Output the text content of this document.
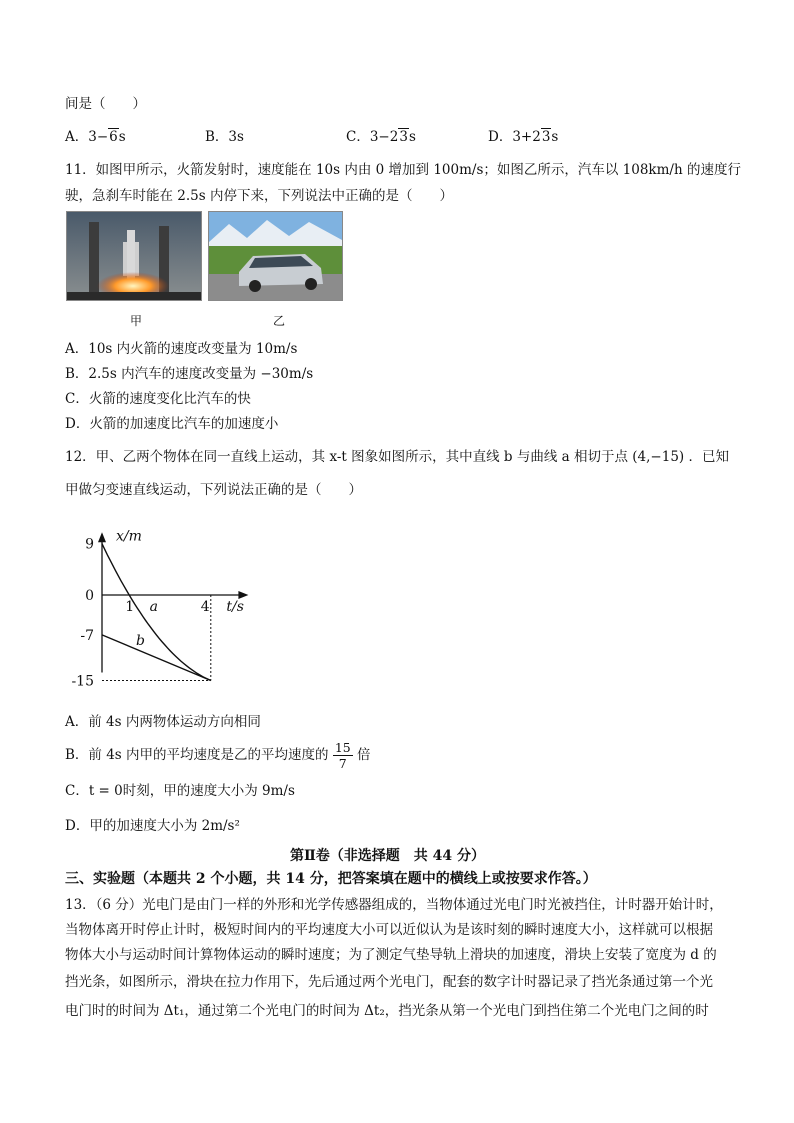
间是（　　）
A．3−6s	B．3s	C．3−23s	D．3+23s
11．如图甲所示，火箭发射时，速度能在 10s 内由 0 增加到 100m/s；如图乙所示，汽车以 108km/h 的速度行
驶，急刹车时能在 2.5s 内停下来，下列说法中正确的是（　　）
甲	乙
A．10s 内火箭的速度改变量为 10m/s
B．2.5s 内汽车的速度改变量为 −30m/s
C．火箭的速度变化比汽车的快
D．火箭的加速度比汽车的加速度小
12．甲、乙两个物体在同一直线上运动，其 x-t 图象如图所示，其中直线 b 与曲线 a 相切于点 (4,−15) ．已知
甲做匀变速直线运动，下列说法正确的是（　　）
a
b
x/m
t/s
9
0
-7
-15
1	4
A．前 4s 内两物体运动方向相同
B．前 4s 内甲的平均速度是乙的平均速度的 $\frac{15}{7}$ 倍
C．t = 0时刻，甲的速度大小为 9m/s
D．甲的加速度大小为 2m/s²
第Ⅱ卷（非选择题　共 44 分）
三、实验题（本题共 2 个小题，共 14 分，把答案填在题中的横线上或按要求作答。）
13．（6 分）光电门是由门一样的外形和光学传感器组成的，当物体通过光电门时光被挡住，计时器开始计时，
当物体离开时停止计时，极短时间内的平均速度大小可以近似认为是该时刻的瞬时速度大小，这样就可以根据
物体大小与运动时间计算物体运动的瞬时速度；为了测定气垫导轨上滑块的加速度，滑块上安装了宽度为 d 的
挡光条，如图所示，滑块在拉力作用下，先后通过两个光电门，配套的数字计时器记录了挡光条通过第一个光
电门时的时间为 Δt₁，通过第二个光电门的时间为 Δt₂，挡光条从第一个光电门到挡住第二个光电门之间的时
